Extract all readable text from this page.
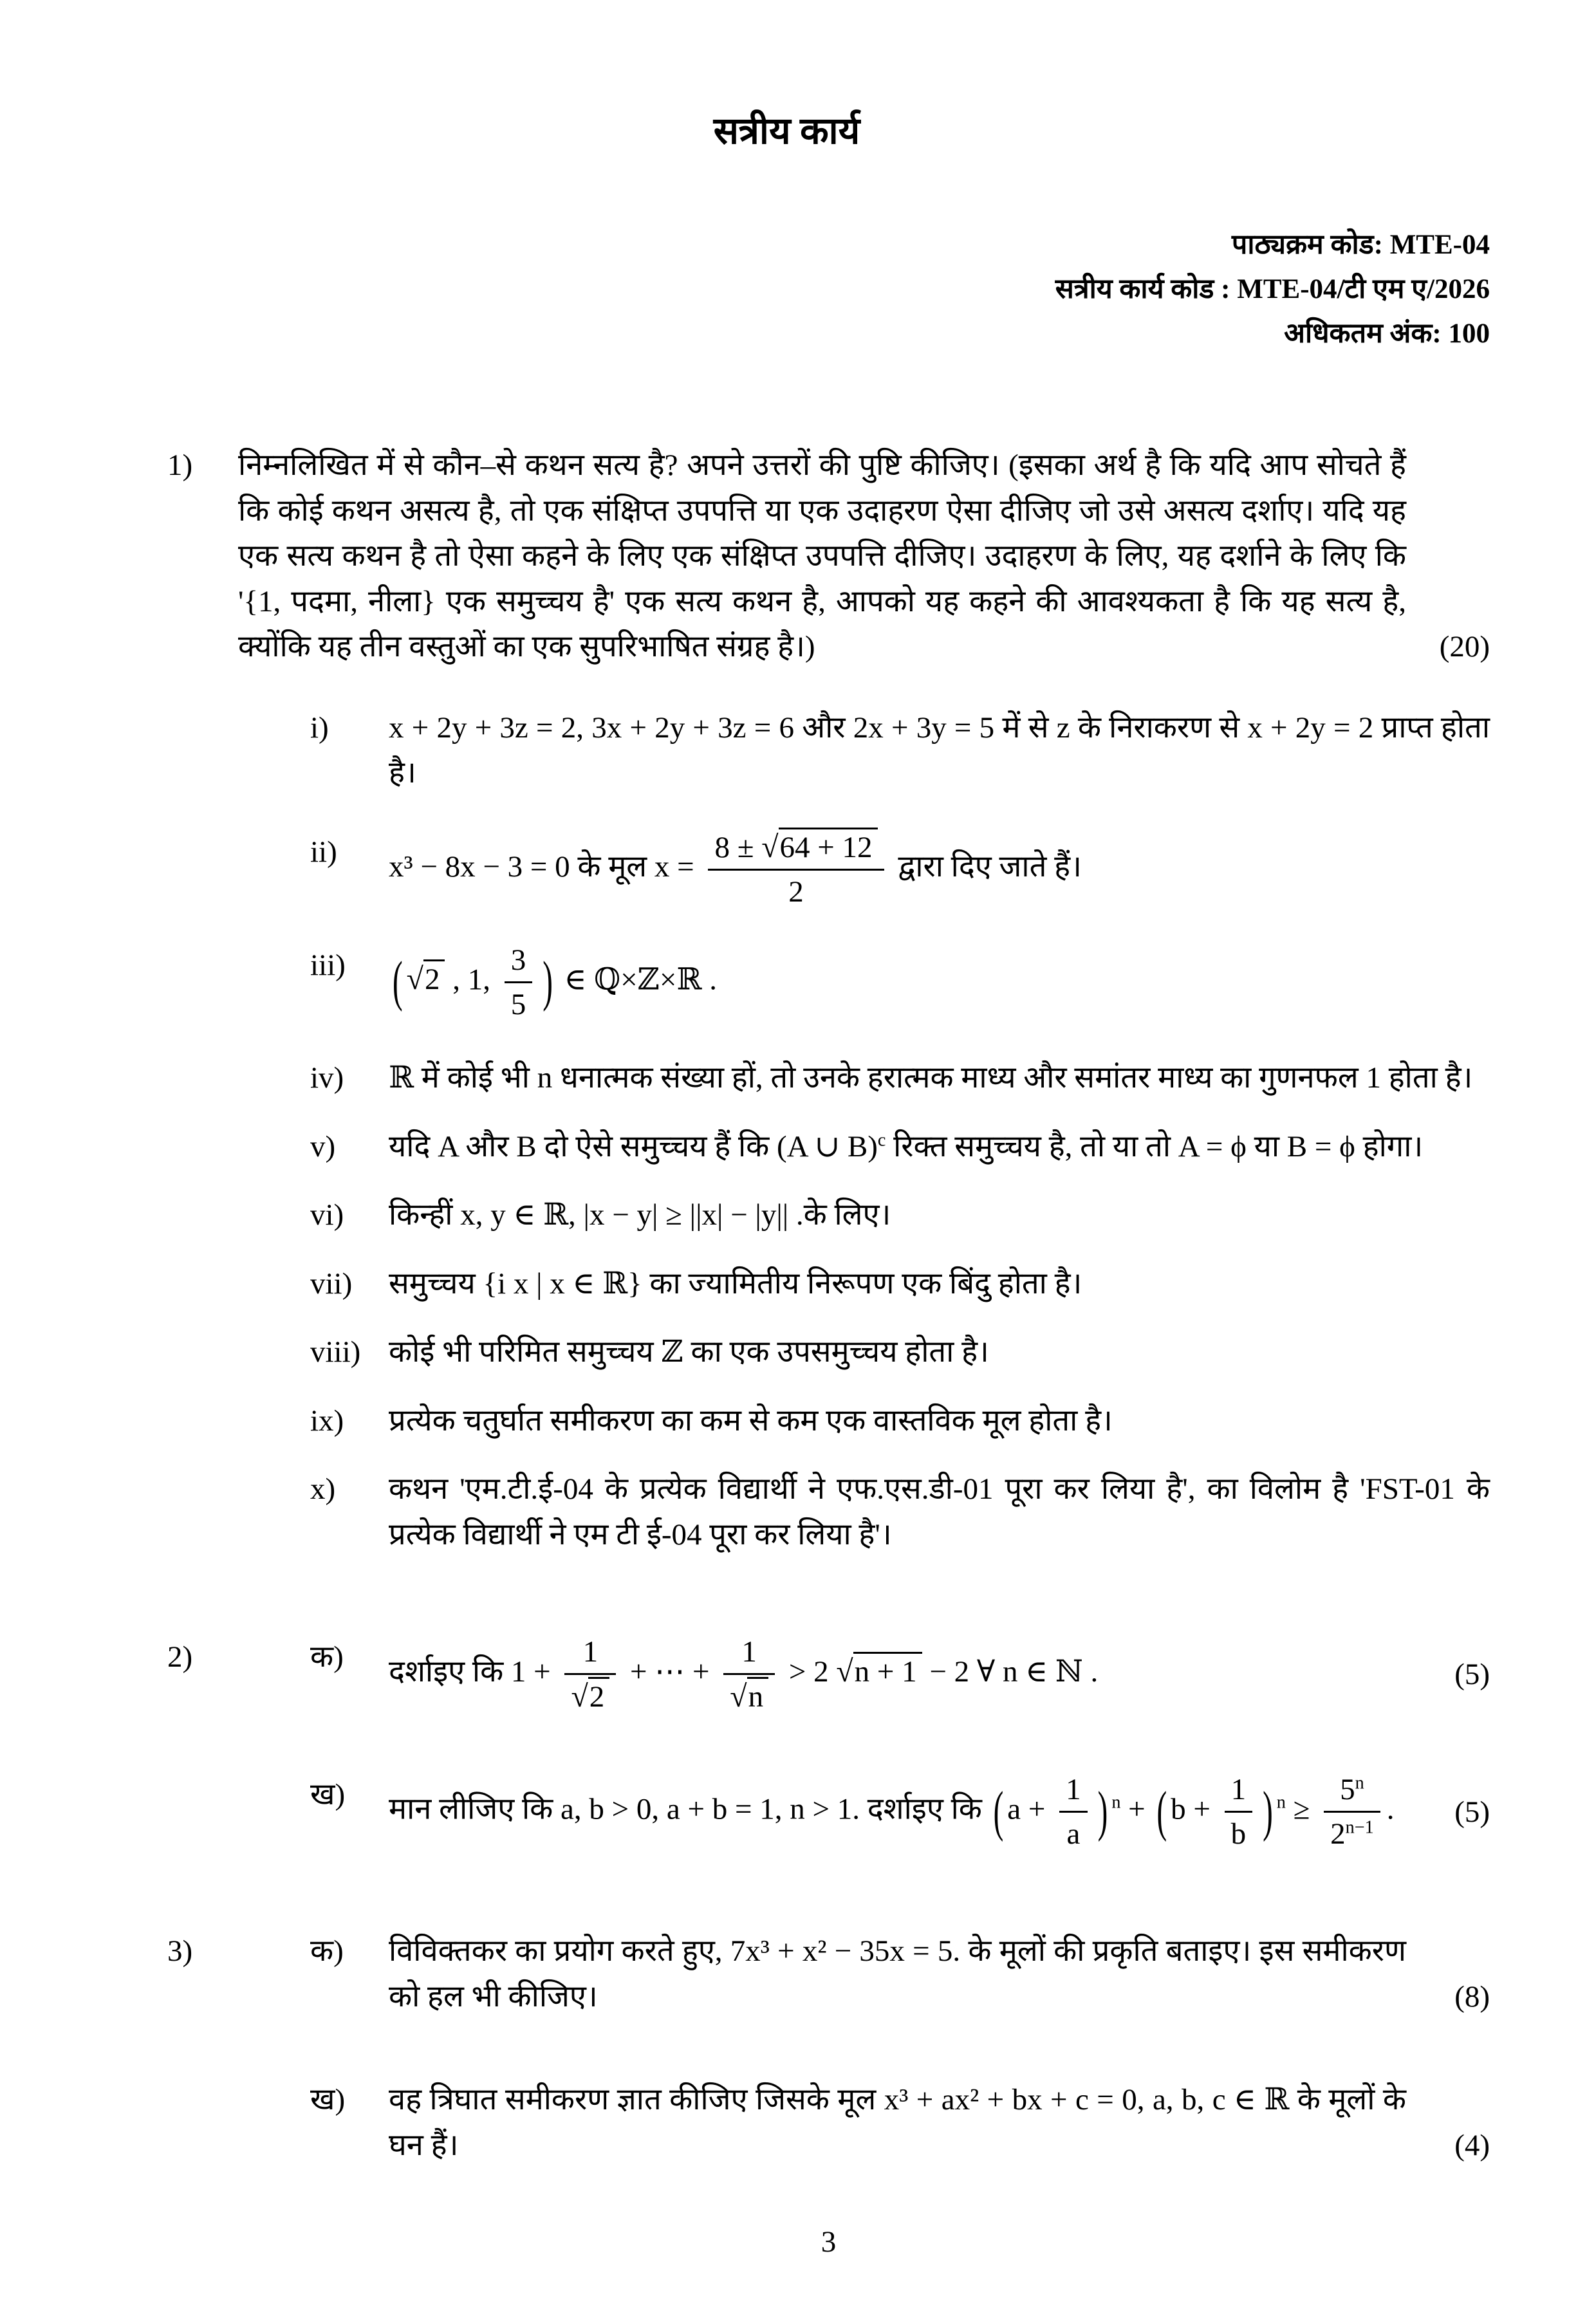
सत्रीय कार्य
पाठ्यक्रम कोड: MTE-04
सत्रीय कार्य कोड : MTE-04/टी एम ए/2026
अधिकतम अंक: 100
1)	निम्नलिखित में से कौन–से कथन सत्य है? अपने उत्तरों की पुष्टि कीजिए। (इसका अर्थ है कि यदि आप सोचते हैं कि कोई कथन असत्य है, तो एक संक्षिप्त उपपत्ति या एक उदाहरण ऐसा दीजिए जो उसे असत्य दर्शाए। यदि यह एक सत्य कथन है तो ऐसा कहने के लिए एक संक्षिप्त उपपत्ति दीजिए। उदाहरण के लिए, यह दर्शाने के लिए कि '{1, पदमा, नीला} एक समुच्चय है' एक सत्य कथन है, आपको यह कहने की आवश्यकता है कि यह सत्य है, क्योंकि यह तीन वस्तुओं का एक सुपरिभाषित संग्रह है।)	(20)
i)	x + 2y + 3z = 2, 3x + 2y + 3z = 6 और 2x + 3y = 5 में से z के निराकरण से x + 2y = 2 प्राप्त होता है।
ii)	x³ − 8x − 3 = 0 के मूल $x = \frac{8 \pm √64 + 12}{2}$ द्वारा दिए जाते हैं।
iii)	( √2 , 1, $\frac{3}{5}$ ) ∈ ℚ×ℤ×ℝ .
iv)	ℝ में कोई भी n धनात्मक संख्या हों, तो उनके हरात्मक माध्य और समांतर माध्य का गुणनफल 1 होता है।
v)	यदि A और B दो ऐसे समुच्चय हैं कि (A ∪ B)$^c$ रिक्त समुच्चय है, तो या तो A = ϕ या B = ϕ होगा।
vi)	किन्हीं x, y ∈ ℝ, |x − y| ≥ ||x| − |y|| .के लिए।
vii)	समुच्चय {i x | x ∈ ℝ} का ज्यामितीय निरूपण एक बिंदु होता है।
viii) कोई भी परिमित समुच्चय ℤ का एक उपसमुच्चय होता है।
ix)	प्रत्येक चतुर्घात समीकरण का कम से कम एक वास्तविक मूल होता है।
x)	कथन 'एम.टी.ई-04 के प्रत्येक विद्यार्थी ने एफ.एस.डी-01 पूरा कर लिया है', का विलोम है 'FST-01 के प्रत्येक विद्यार्थी ने एम टी ई-04 पूरा कर लिया है'।
2)	क)	दर्शाइए कि $1 + \frac{1}{√2}$ + ⋯ + $\frac{1}{√n} > 2$ √n + 1 − 2 ∀ n ∈ ℕ .	(5)
ख)	मान लीजिए कि a, b > 0, a + b = 1, n > 1. दर्शाइए कि ( $a + \frac{1}{a}$ ) $^n$ + ( $b + \frac{1}{b}$ ) $^n \ge \frac{5^n}{2^{n-1}}$ .	(5)
3)	क)	विविक्तकर का प्रयोग करते हुए, 7x³ + x² − 35x = 5. के मूलों की प्रकृति बताइए। इस समीकरण को हल भी कीजिए।	(8)
ख)	वह त्रिघात समीकरण ज्ञात कीजिए जिसके मूल x³ + ax² + bx + c = 0, a, b, c ∈ ℝ के मूलों के घन हैं।	(4)
3
